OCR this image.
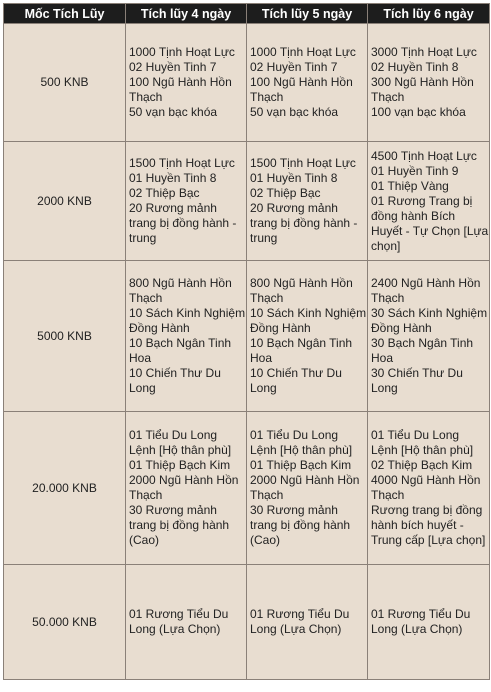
Mốc Tích Lũy	Tích lũy 4 ngày	Tích lũy 5 ngày	Tích lũy 6 ngày
500 KNB	1000 Tịnh Hoạt Lực
02 Huyền Tinh 7
100 Ngũ Hành Hồn Thạch
50 vạn bạc khóa	1000 Tịnh Hoạt Lực
02 Huyền Tinh 7
100 Ngũ Hành Hồn Thạch
50 vạn bạc khóa	3000 Tịnh Hoạt Lực
02 Huyền Tinh 8
300 Ngũ Hành Hồn Thạch
100 vạn bạc khóa

2000 KNB	1500 Tịnh Hoạt Lực
01 Huyền Tinh 8
02 Thiệp Bạc
20 Rương mảnh trang bị đồng hành - trung	1500 Tịnh Hoạt Lực
01 Huyền Tinh 8
02 Thiệp Bạc
20 Rương mảnh trang bị đồng hành - trung	4500 Tịnh Hoạt Lực
01 Huyền Tinh 9
01 Thiệp Vàng
01 Rương Trang bị đồng hành Bích Huyết - Tự Chọn [Lựa chọn]

5000 KNB	800 Ngũ Hành Hồn Thạch
10 Sách Kinh Nghiệm Đồng Hành
10 Bạch Ngân Tinh Hoa
10 Chiến Thư Du Long	800 Ngũ Hành Hồn Thạch
10 Sách Kinh Nghiệm Đồng Hành
10 Bạch Ngân Tinh Hoa
10 Chiến Thư Du Long	2400 Ngũ Hành Hồn Thạch
30 Sách Kinh Nghiệm Đồng Hành
30 Bạch Ngân Tinh Hoa
30 Chiến Thư Du Long

20.000 KNB	01 Tiểu Du Long Lệnh [Hộ thân phù]
01 Thiệp Bạch Kim
2000 Ngũ Hành Hồn Thạch
30 Rương mảnh trang bị đồng hành (Cao)	01 Tiểu Du Long Lệnh [Hộ thân phù]
01 Thiệp Bạch Kim
2000 Ngũ Hành Hồn Thạch
30 Rương mảnh trang bị đồng hành (Cao)	01 Tiểu Du Long Lệnh [Hộ thân phù]
02 Thiệp Bạch Kim
4000 Ngũ Hành Hồn Thạch
Rương trang bị đồng hành bích huyết - Trung cấp [Lựa chọn]

50.000 KNB	01 Rương Tiểu Du Long (Lựa Chọn)	01 Rương Tiểu Du Long (Lựa Chọn)	01 Rương Tiểu Du Long (Lựa Chọn)
